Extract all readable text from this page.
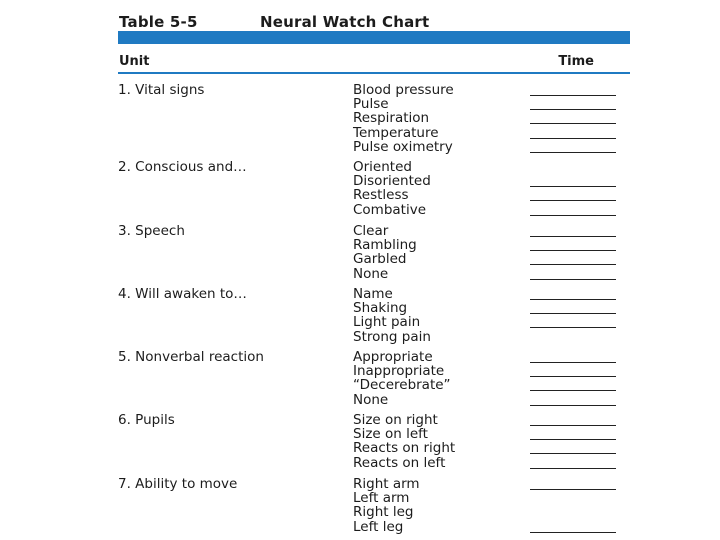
Table 5-5	Neural Watch Chart
Unit	Time
1. Vital signs	Blood pressure
Pulse
Respiration
Temperature
Pulse oximetry
2. Conscious and…	Oriented
Disoriented
Restless
Combative
3. Speech	Clear
Rambling
Garbled
None
4. Will awaken to…	Name
Shaking
Light pain
Strong pain
5. Nonverbal reaction	Appropriate
Inappropriate
“Decerebrate”
None
6. Pupils	Size on right
Size on left
Reacts on right
Reacts on left
7. Ability to move	Right arm
Left arm
Right leg
Left leg
